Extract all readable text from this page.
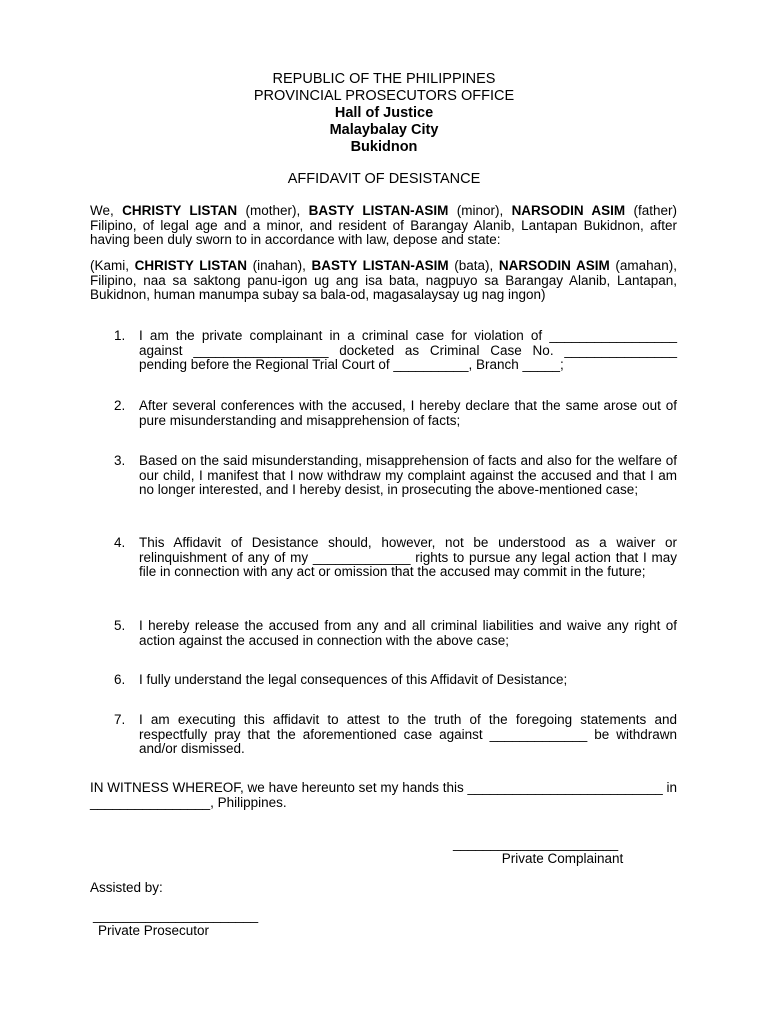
REPUBLIC OF THE PHILIPPINES
PROVINCIAL PROSECUTORS OFFICE
Hall of Justice
Malaybalay City
Bukidnon
AFFIDAVIT OF DESISTANCE
We, CHRISTY LISTAN (mother), BASTY LISTAN-ASIM (minor), NARSODIN ASIM (father) Filipino, of legal age and a minor, and resident of Barangay Alanib, Lantapan Bukidnon, after having been duly sworn to in accordance with law, depose and state:
(Kami, CHRISTY LISTAN (inahan), BASTY LISTAN-ASIM (bata), NARSODIN ASIM (amahan), Filipino, naa sa saktong panu-igon ug ang isa bata, nagpuyo sa Barangay Alanib, Lantapan, Bukidnon, human manumpa subay sa bala-od, magasalaysay ug nag ingon)
1.	I am the private complainant in a criminal case for violation of _________________ against __________________ docketed as Criminal Case No. _______________ pending before the Regional Trial Court of __________, Branch _____;
2.	After several conferences with the accused, I hereby declare that the same arose out of pure misunderstanding and misapprehension of facts;
3.	Based on the said misunderstanding, misapprehension of facts and also for the welfare of our child, I manifest that I now withdraw my complaint against the accused and that I am no longer interested, and I hereby desist, in prosecuting the above-mentioned case;
4.	This Affidavit of Desistance should, however, not be understood as a waiver or relinquishment of any of my _____________ rights to pursue any legal action that I may file in connection with any act or omission that the accused may commit in the future;
5.	I hereby release the accused from any and all criminal liabilities and waive any right of action against the accused in connection with the above case;
6.	I fully understand the legal consequences of this Affidavit of Desistance;
7.	I am executing this affidavit to attest to the truth of the foregoing statements and respectfully pray that the aforementioned case against _____________ be withdrawn and/or dismissed.
IN WITNESS WHEREOF, we have hereunto set my hands this __________________________ in ________________, Philippines.
______________________
Private Complainant
Assisted by:
______________________
Private Prosecutor
